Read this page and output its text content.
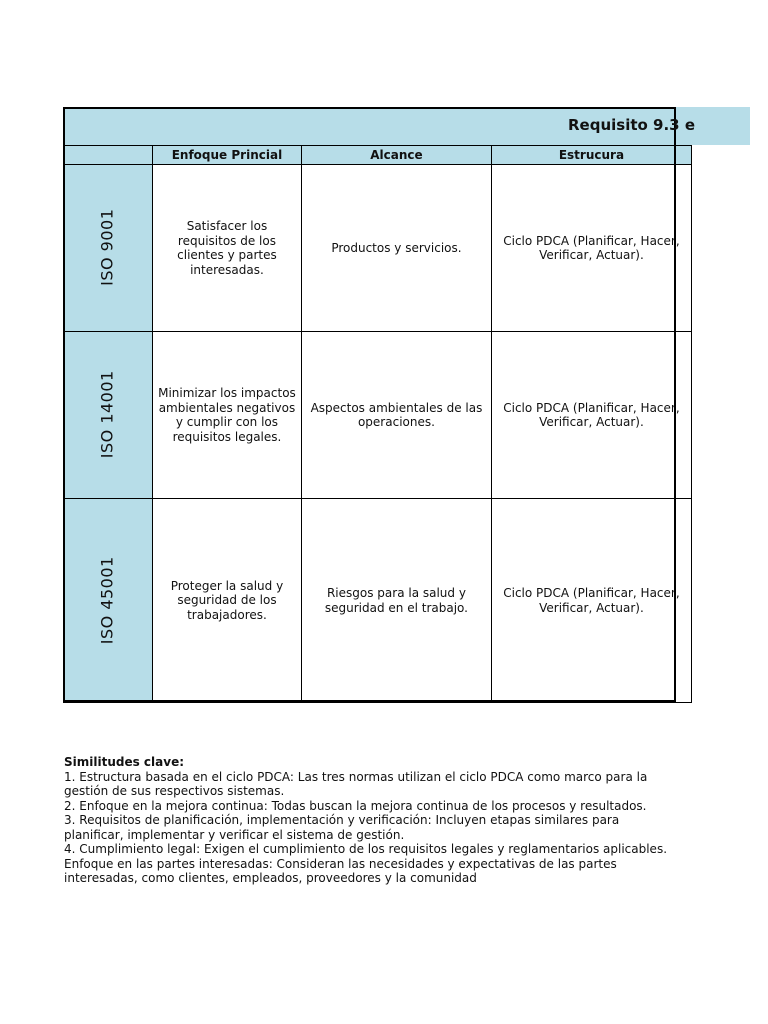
Requisito 9.3 e
	Enfoque Princial	Alcance	Estrucura
ISO 9001	Satisfacer los requisitos de los clientes y partes interesadas.	Productos y servicios.	Ciclo PDCA (Planificar, Hacer, Verificar, Actuar).
ISO 14001	Minimizar los impactos ambientales negativos y cumplir con los requisitos legales.	Aspectos ambientales de las operaciones.	Ciclo PDCA (Planificar, Hacer, Verificar, Actuar).
ISO 45001	Proteger la salud y seguridad de los trabajadores.	Riesgos para la salud y seguridad en el trabajo.	Ciclo PDCA (Planificar, Hacer, Verificar, Actuar).

Similitudes clave:

1. Estructura basada en el ciclo PDCA: Las tres normas utilizan el ciclo PDCA como marco para la gestión de sus respectivos sistemas.

2. Enfoque en la mejora continua: Todas buscan la mejora continua de los procesos y resultados.

3. Requisitos de planificación, implementación y verificación: Incluyen etapas similares para planificar, implementar y verificar el sistema de gestión.

4. Cumplimiento legal: Exigen el cumplimiento de los requisitos legales y reglamentarios aplicables.

Enfoque en las partes interesadas: Consideran las necesidades y expectativas de las partes interesadas, como clientes, empleados, proveedores y la comunidad
